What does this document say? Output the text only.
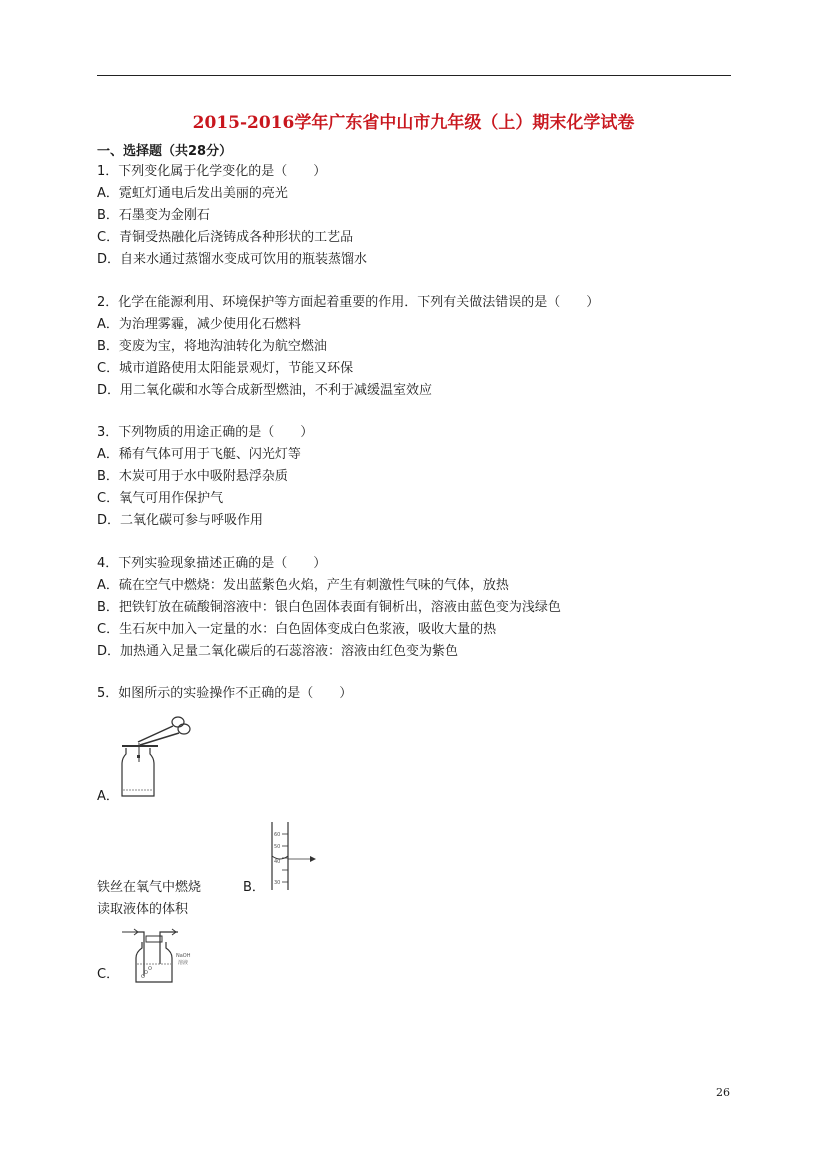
2015-2016学年广东省中山市九年级（上）期末化学试卷
一、选择题（共28分）
1．下列变化属于化学变化的是（　　）
A．霓虹灯通电后发出美丽的亮光
B．石墨变为金刚石
C．青铜受热融化后浇铸成各种形状的工艺品
D．自来水通过蒸馏水变成可饮用的瓶装蒸馏水
2．化学在能源利用、环境保护等方面起着重要的作用．下列有关做法错误的是（　　）
A．为治理雾霾，减少使用化石燃料
B．变废为宝，将地沟油转化为航空燃油
C．城市道路使用太阳能景观灯，节能又环保
D．用二氧化碳和水等合成新型燃油，不利于减缓温室效应
3．下列物质的用途正确的是（　　）
A．稀有气体可用于飞艇、闪光灯等
B．木炭可用于水中吸附悬浮杂质
C．氧气可用作保护气
D．二氧化碳可参与呼吸作用
4．下列实验现象描述正确的是（　　）
A．硫在空气中燃烧：发出蓝紫色火焰，产生有刺激性气味的气体，放热
B．把铁钉放在硫酸铜溶液中：银白色固体表面有铜析出，溶液由蓝色变为浅绿色
C．生石灰中加入一定量的水：白色固体变成白色浆液，吸收大量的热
D．加热通入足量二氧化碳后的石蕊溶液：溶液由红色变为紫色
5．如图所示的实验操作不正确的是（　　）
A．
60
50
40
30
铁丝在氧气中燃烧	B．
读取液体的体积
NaOH
溶液
C．
26
